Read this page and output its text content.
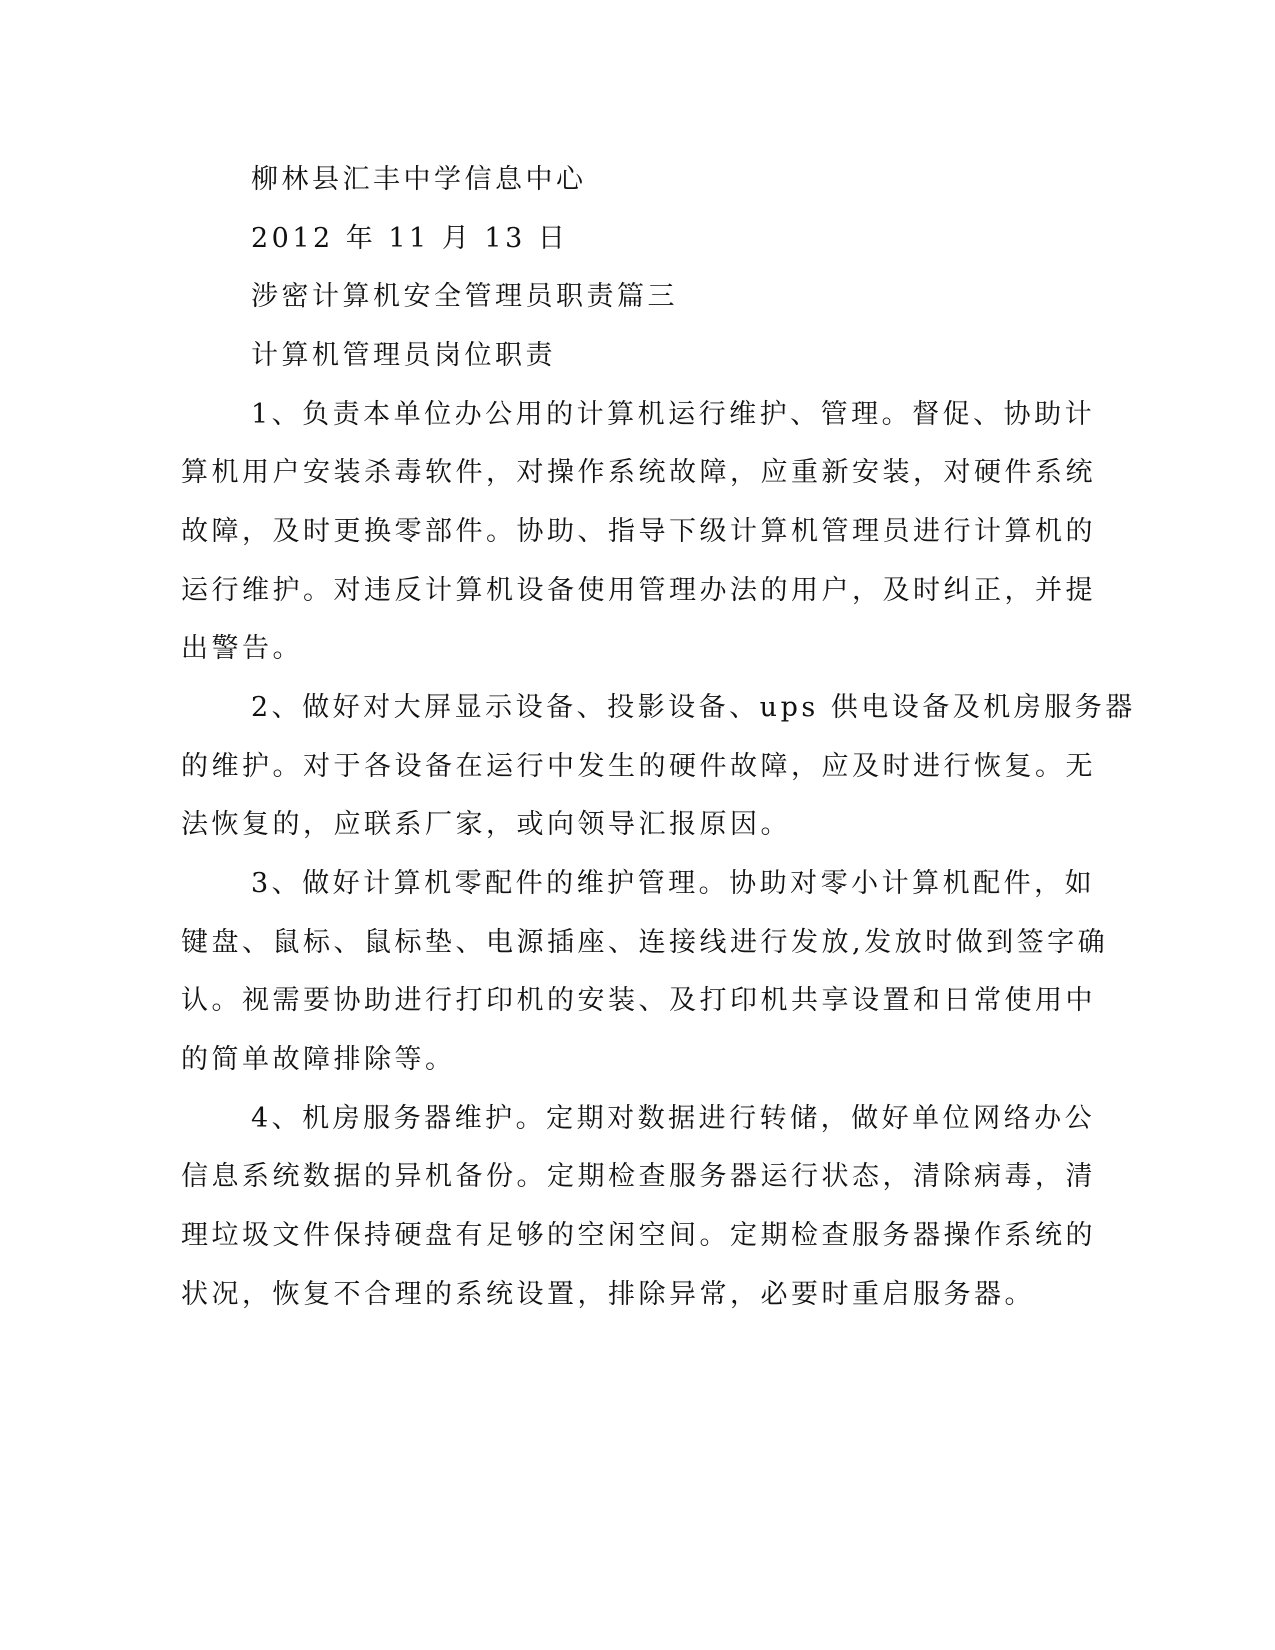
柳林县汇丰中学信息中心
2012 年 11 月 13 日
涉密计算机安全管理员职责篇三
计算机管理员岗位职责
1、负责本单位办公用的计算机运行维护、管理。督促、协助计
算机用户安装杀毒软件，对操作系统故障，应重新安装，对硬件系统
故障，及时更换零部件。协助、指导下级计算机管理员进行计算机的
运行维护。对违反计算机设备使用管理办法的用户，及时纠正，并提
出警告。
2、做好对大屏显示设备、投影设备、ups 供电设备及机房服务器
的维护。对于各设备在运行中发生的硬件故障，应及时进行恢复。无
法恢复的，应联系厂家，或向领导汇报原因。
3、做好计算机零配件的维护管理。协助对零小计算机配件，如
键盘、鼠标、鼠标垫、电源插座、连接线进行发放,发放时做到签字确
认。视需要协助进行打印机的安装、及打印机共享设置和日常使用中
的简单故障排除等。
4、机房服务器维护。定期对数据进行转储，做好单位网络办公
信息系统数据的异机备份。定期检查服务器运行状态，清除病毒，清
理垃圾文件保持硬盘有足够的空闲空间。定期检查服务器操作系统的
状况，恢复不合理的系统设置，排除异常，必要时重启服务器。
